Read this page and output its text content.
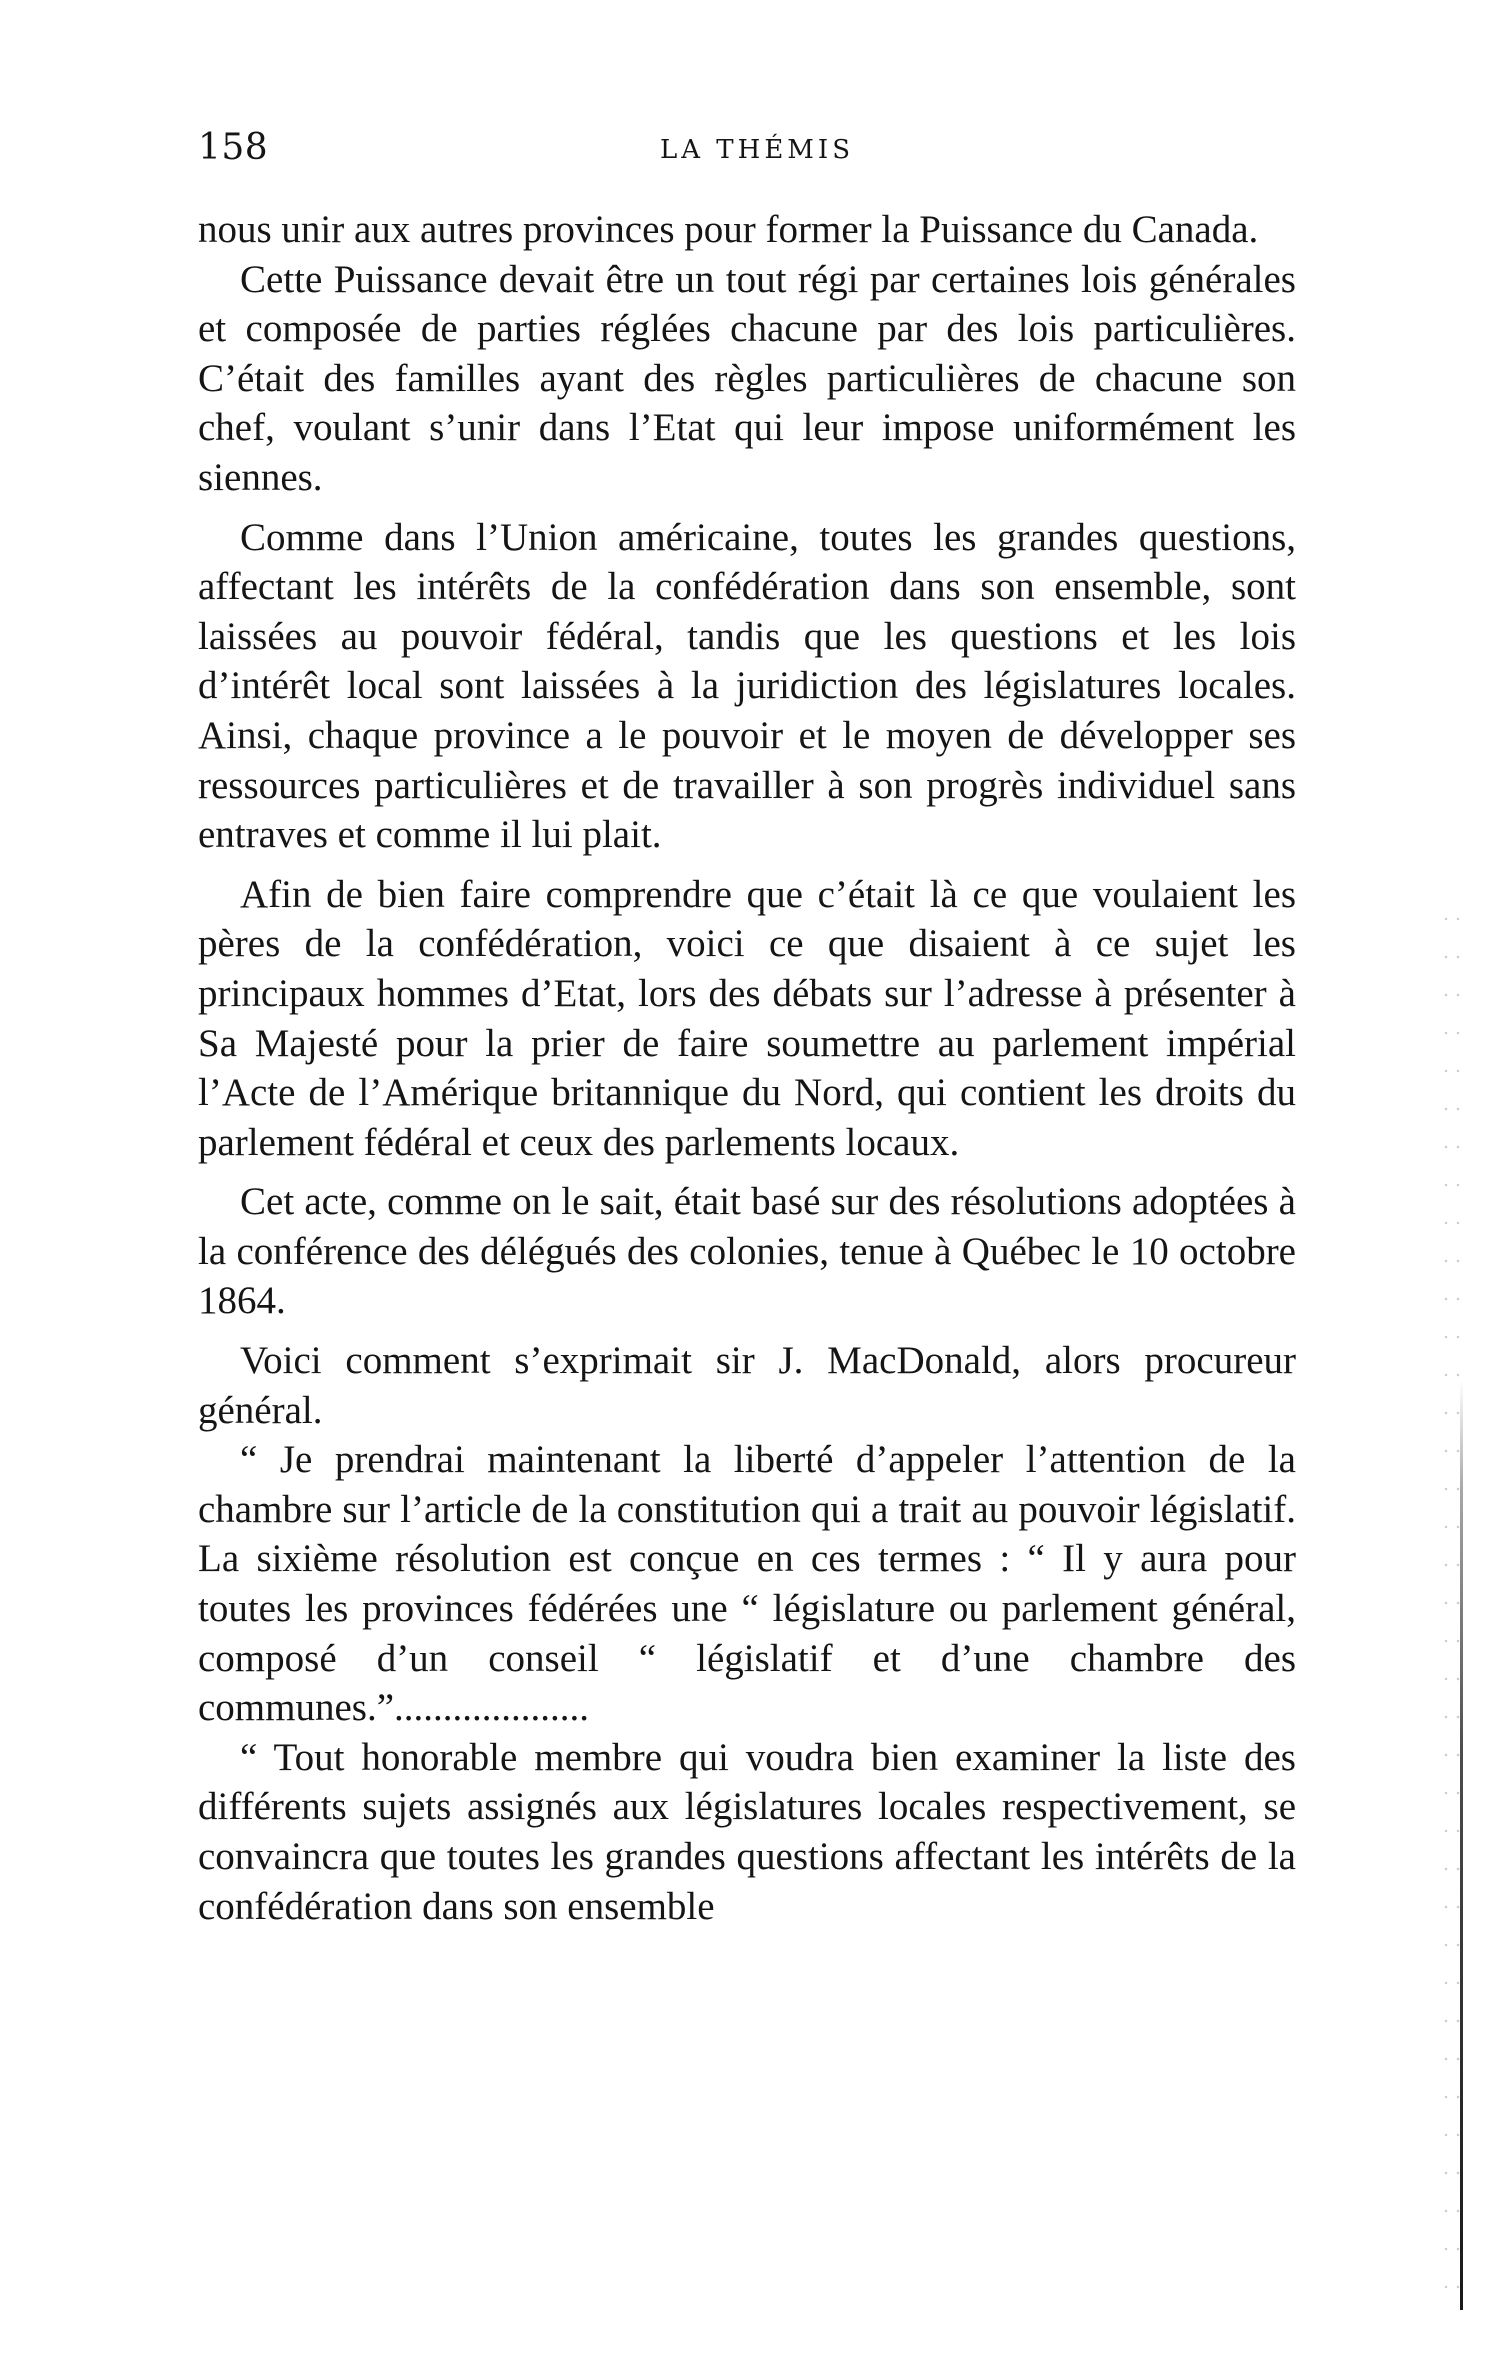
158	LA THÉMIS

nous unir aux autres provinces pour former la Puissance du Canada.

Cette Puissance devait être un tout régi par certaines lois générales et composée de parties réglées chacune par des lois particulières. C’était des familles ayant des règles particulières de chacune son chef, voulant s’unir dans l’Etat qui leur impose uniformément les siennes.

Comme dans l’Union américaine, toutes les grandes questions, affectant les intérêts de la confédération dans son ensemble, sont laissées au pouvoir fédéral, tandis que les questions et les lois d’intérêt local sont laissées à la juridiction des législatures locales. Ainsi, chaque province a le pouvoir et le moyen de développer ses ressources particulières et de travailler à son progrès individuel sans entraves et comme il lui plait.

Afin de bien faire comprendre que c’était là ce que voulaient les pères de la confédération, voici ce que disaient à ce sujet les principaux hommes d’Etat, lors des débats sur l’adresse à présenter à Sa Majesté pour la prier de faire soumettre au parlement impérial l’Acte de l’Amérique britannique du Nord, qui contient les droits du parlement fédéral et ceux des parlements locaux.

Cet acte, comme on le sait, était basé sur des résolutions adoptées à la conférence des délégués des colonies, tenue à Québec le 10 octobre 1864.

Voici comment s’exprimait sir J. MacDonald, alors procureur général.

“ Je prendrai maintenant la liberté d’appeler l’attention de la chambre sur l’article de la constitution qui a trait au pouvoir législatif. La sixième résolution est conçue en ces termes : “ Il y aura pour toutes les provinces fédérées une “ législature ou parlement général, composé d’un conseil “ législatif et d’une chambre des communes.”....................

“ Tout honorable membre qui voudra bien examiner la liste des différents sujets assignés aux législatures locales respectivement, se convaincra que toutes les grandes questions affectant les intérêts de la confédération dans son ensemble
